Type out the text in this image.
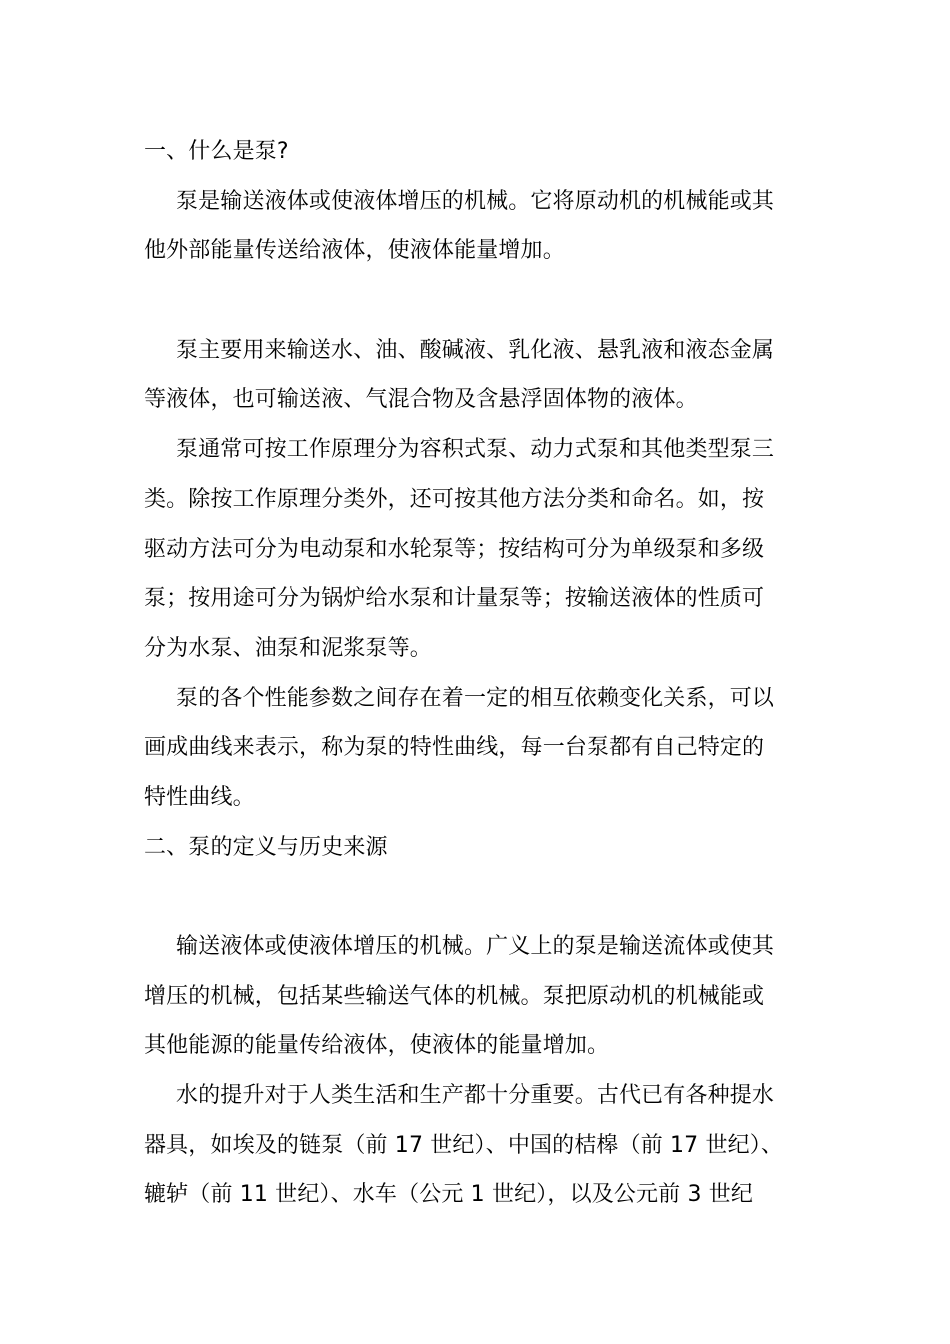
一、什么是泵?
泵是输送液体或使液体增压的机械。它将原动机的机械能或其
他外部能量传送给液体，使液体能量增加。
泵主要用来输送水、油、酸碱液、乳化液、悬乳液和液态金属
等液体，也可输送液、气混合物及含悬浮固体物的液体。
泵通常可按工作原理分为容积式泵、动力式泵和其他类型泵三
类。除按工作原理分类外，还可按其他方法分类和命名。如，按
驱动方法可分为电动泵和水轮泵等；按结构可分为单级泵和多级
泵；按用途可分为锅炉给水泵和计量泵等；按输送液体的性质可
分为水泵、油泵和泥浆泵等。
泵的各个性能参数之间存在着一定的相互依赖变化关系，可以
画成曲线来表示，称为泵的特性曲线，每一台泵都有自己特定的
特性曲线。
二、泵的定义与历史来源
输送液体或使液体增压的机械。广义上的泵是输送流体或使其
增压的机械，包括某些输送气体的机械。泵把原动机的机械能或
其他能源的能量传给液体，使液体的能量增加。
水的提升对于人类生活和生产都十分重要。古代已有各种提水
器具，如埃及的链泵（前 17 世纪）、中国的桔槔（前 17 世纪）、
辘轳（前 11 世纪）、水车（公元 1 世纪），以及公元前 3 世纪
